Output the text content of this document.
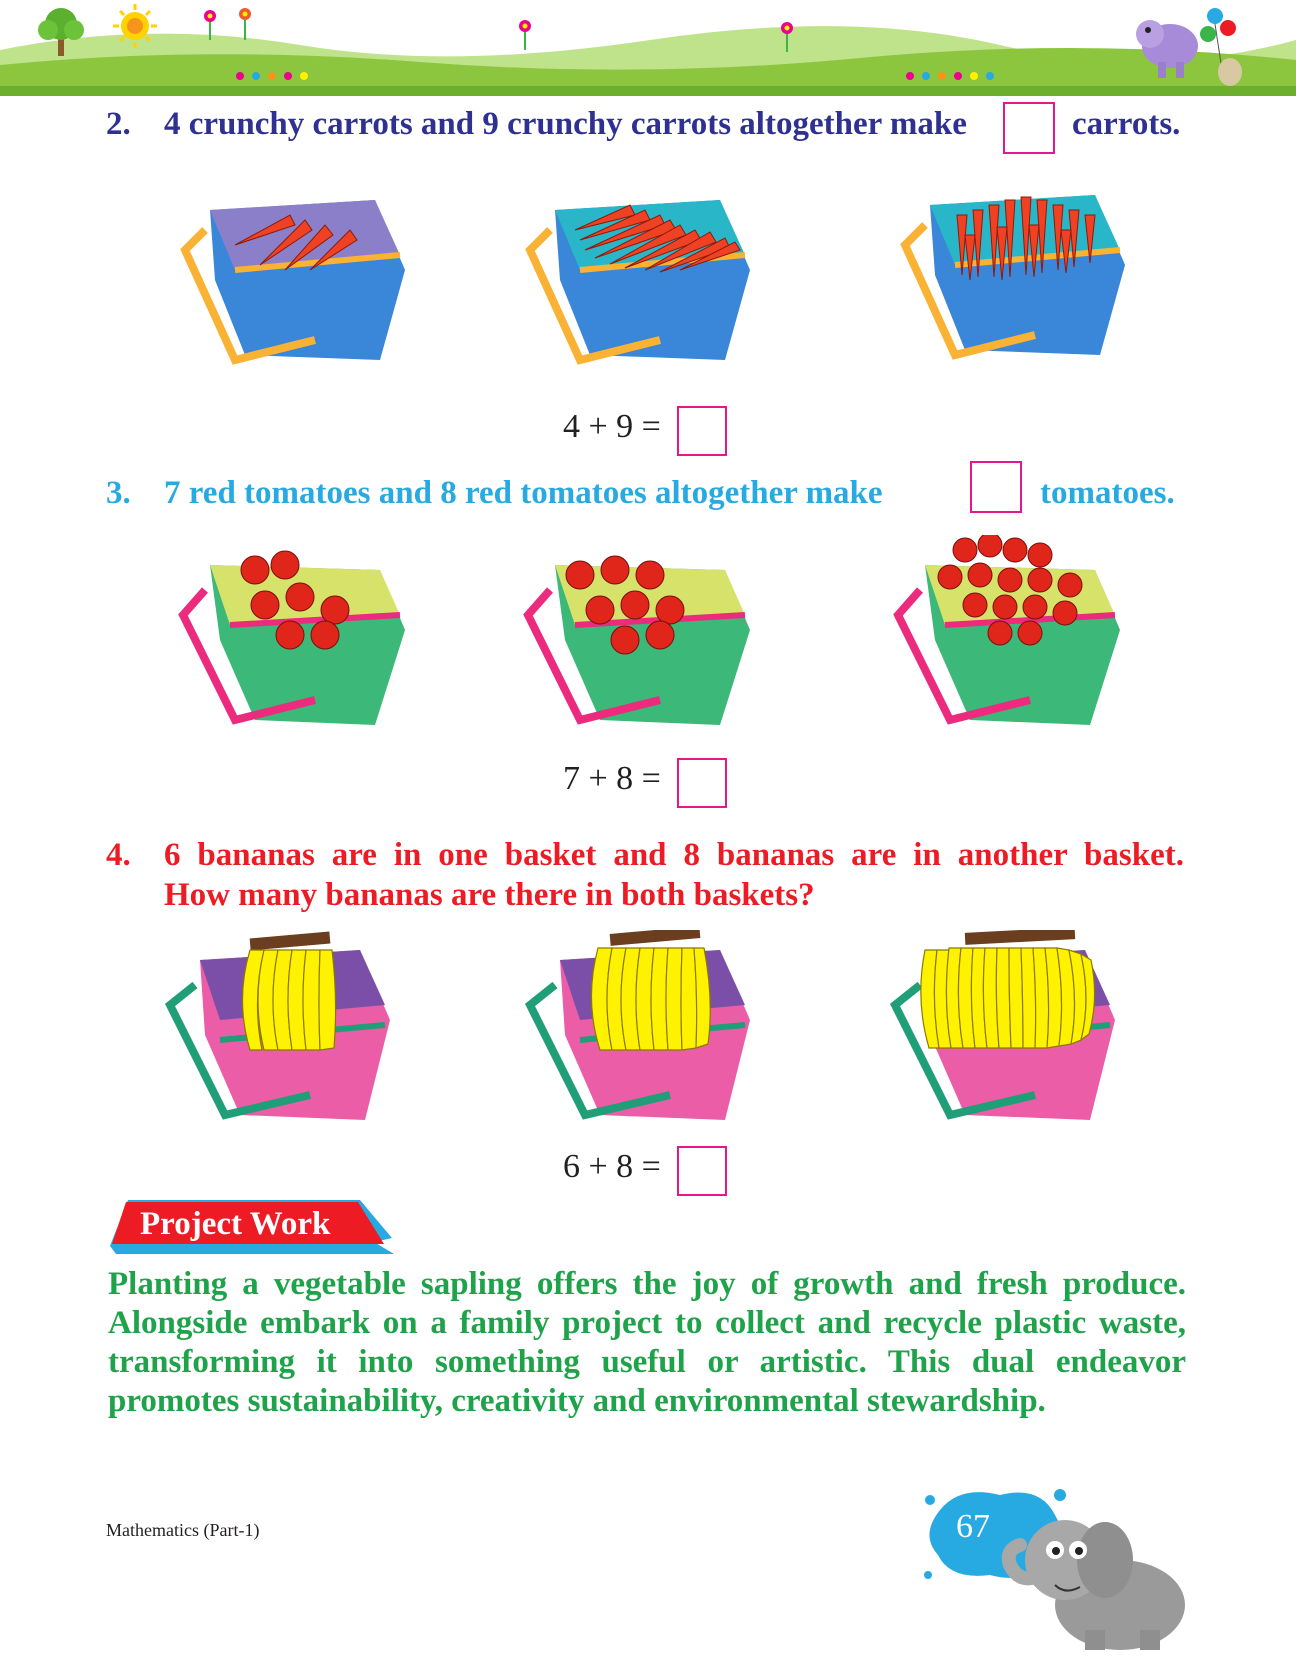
2. 4 crunchy carrots and 9 crunchy carrots altogether make	carrots.
4 + 9 =
3. 7 red tomatoes and 8 red tomatoes altogether make	tomatoes.
7 + 8 =
4. 6 bananas are in one basket and 8 bananas are in another basket.
How many bananas are there in both baskets?
6 + 8 =
Project Work
Planting a vegetable sapling offers the joy of growth and fresh produce. Alongside embark on a family project to collect and recycle plastic waste, transforming it into something useful or artistic. This dual endeavor promotes sustainability, creativity and environmental stewardship.
Mathematics (Part-1)	67
